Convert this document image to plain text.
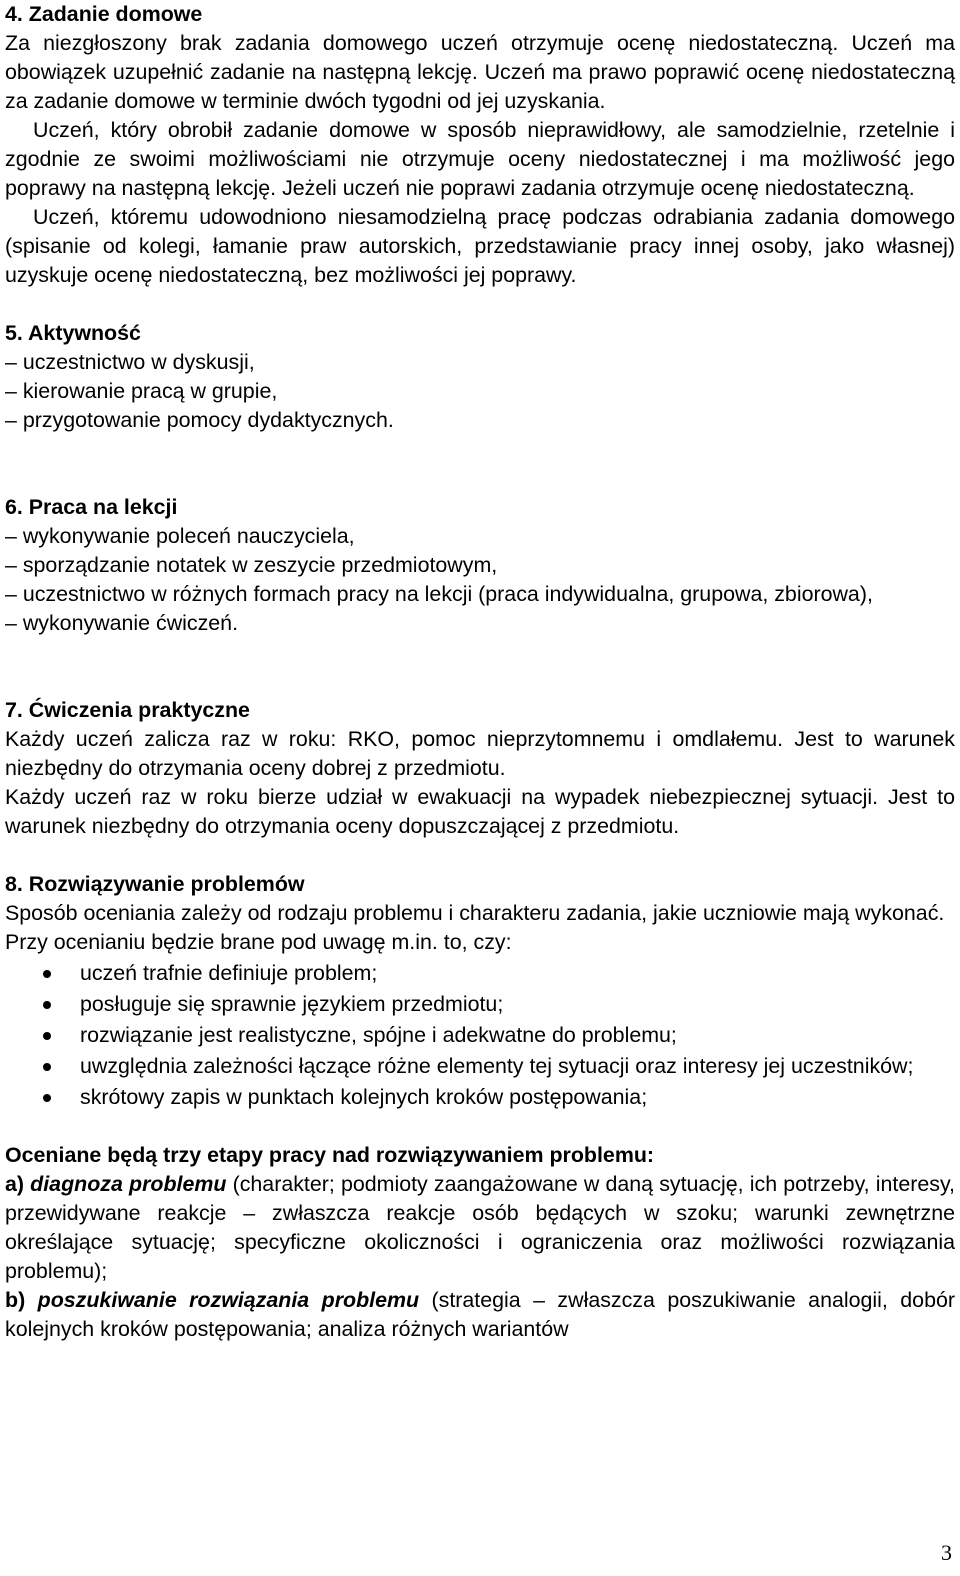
4. Zadanie domowe

Za niezgłoszony brak zadania domowego uczeń otrzymuje ocenę niedostateczną. Uczeń ma obowiązek uzupełnić zadanie na następną lekcję. Uczeń ma prawo poprawić ocenę niedostateczną za zadanie domowe w terminie dwóch tygodni od jej uzyskania.

Uczeń, który obrobił zadanie domowe w sposób nieprawidłowy, ale samodzielnie, rzetelnie i zgodnie ze swoimi możliwościami nie otrzymuje oceny niedostatecznej i ma możliwość jego poprawy na następną lekcję. Jeżeli uczeń nie poprawi zadania otrzymuje ocenę niedostateczną.

Uczeń, któremu udowodniono niesamodzielną pracę podczas odrabiania zadania domowego (spisanie od kolegi, łamanie praw autorskich, przedstawianie pracy innej osoby, jako własnej) uzyskuje ocenę niedostateczną, bez możliwości jej poprawy.

5. Aktywność

– uczestnictwo w dyskusji,

– kierowanie pracą w grupie,

– przygotowanie pomocy dydaktycznych.

6. Praca na lekcji

– wykonywanie poleceń nauczyciela,

– sporządzanie notatek w zeszycie przedmiotowym,

– uczestnictwo w różnych formach pracy na lekcji (praca indywidualna, grupowa, zbiorowa),

– wykonywanie ćwiczeń.

7. Ćwiczenia praktyczne

Każdy uczeń zalicza raz w roku: RKO, pomoc nieprzytomnemu i omdlałemu. Jest to warunek niezbędny do otrzymania oceny dobrej z przedmiotu.

Każdy uczeń raz w roku bierze udział w ewakuacji na wypadek niebezpiecznej sytuacji. Jest to warunek niezbędny do otrzymania oceny dopuszczającej z przedmiotu.

8. Rozwiązywanie problemów

Sposób oceniania zależy od rodzaju problemu i charakteru zadania, jakie uczniowie mają wykonać. Przy ocenianiu będzie brane pod uwagę m.in. to, czy:

uczeń trafnie definiuje problem;
posługuje się sprawnie językiem przedmiotu;
rozwiązanie jest realistyczne, spójne i adekwatne do problemu;
uwzględnia zależności łączące różne elementy tej sytuacji oraz interesy jej uczestników;
skrótowy zapis w punktach kolejnych kroków postępowania;

Oceniane będą trzy etapy pracy nad rozwiązywaniem problemu:

a) diagnoza problemu (charakter; podmioty zaangażowane w daną sytuację, ich potrzeby, interesy, przewidywane reakcje – zwłaszcza reakcje osób będących w szoku; warunki zewnętrzne określające sytuację; specyficzne okoliczności i ograniczenia oraz możliwości rozwiązania problemu);

b) poszukiwanie rozwiązania problemu (strategia – zwłaszcza poszukiwanie analogii, dobór kolejnych kroków postępowania; analiza różnych wariantów

3
